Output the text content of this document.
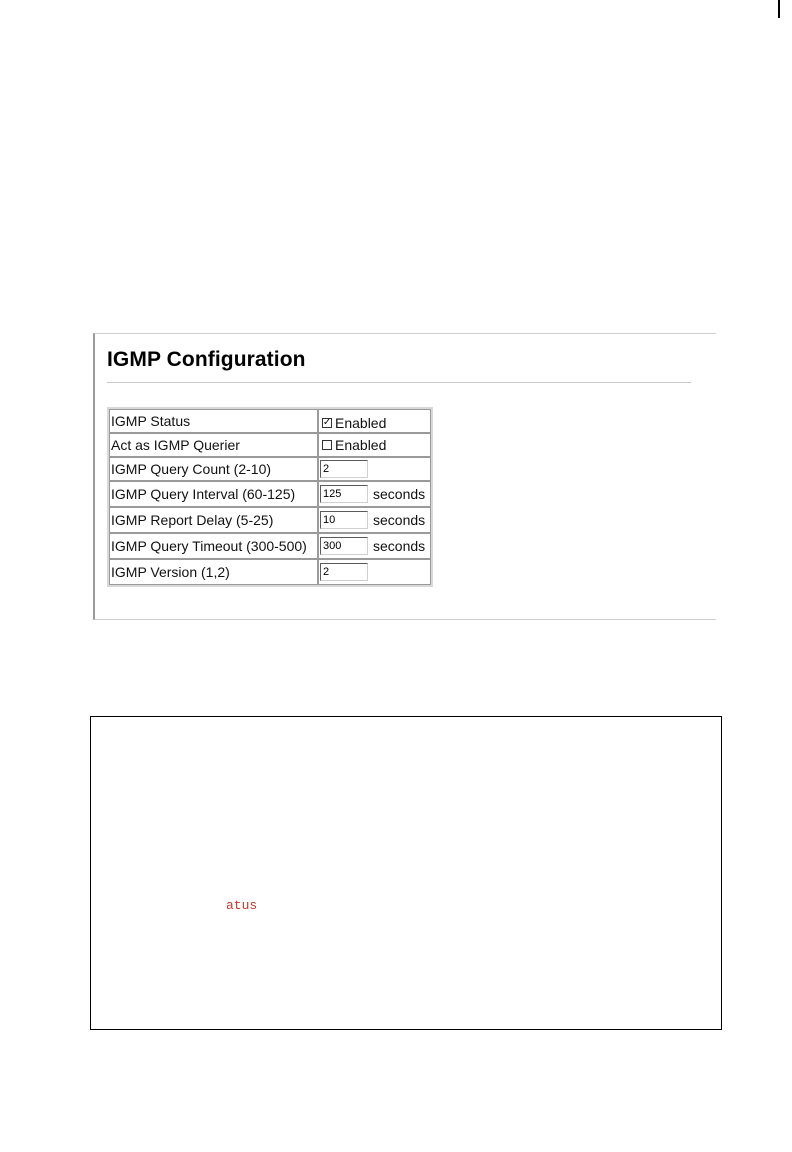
IGMP Configuration
IGMP Status	✓ Enabled

Act as IGMP Querier	Enabled

IGMP Query Count (2-10)	2
IGMP Query Interval (60-125)	125seconds
IGMP Report Delay (5-25)	10seconds
IGMP Query Timeout (300-500)	300seconds
IGMP Version (1,2)	2
atus
